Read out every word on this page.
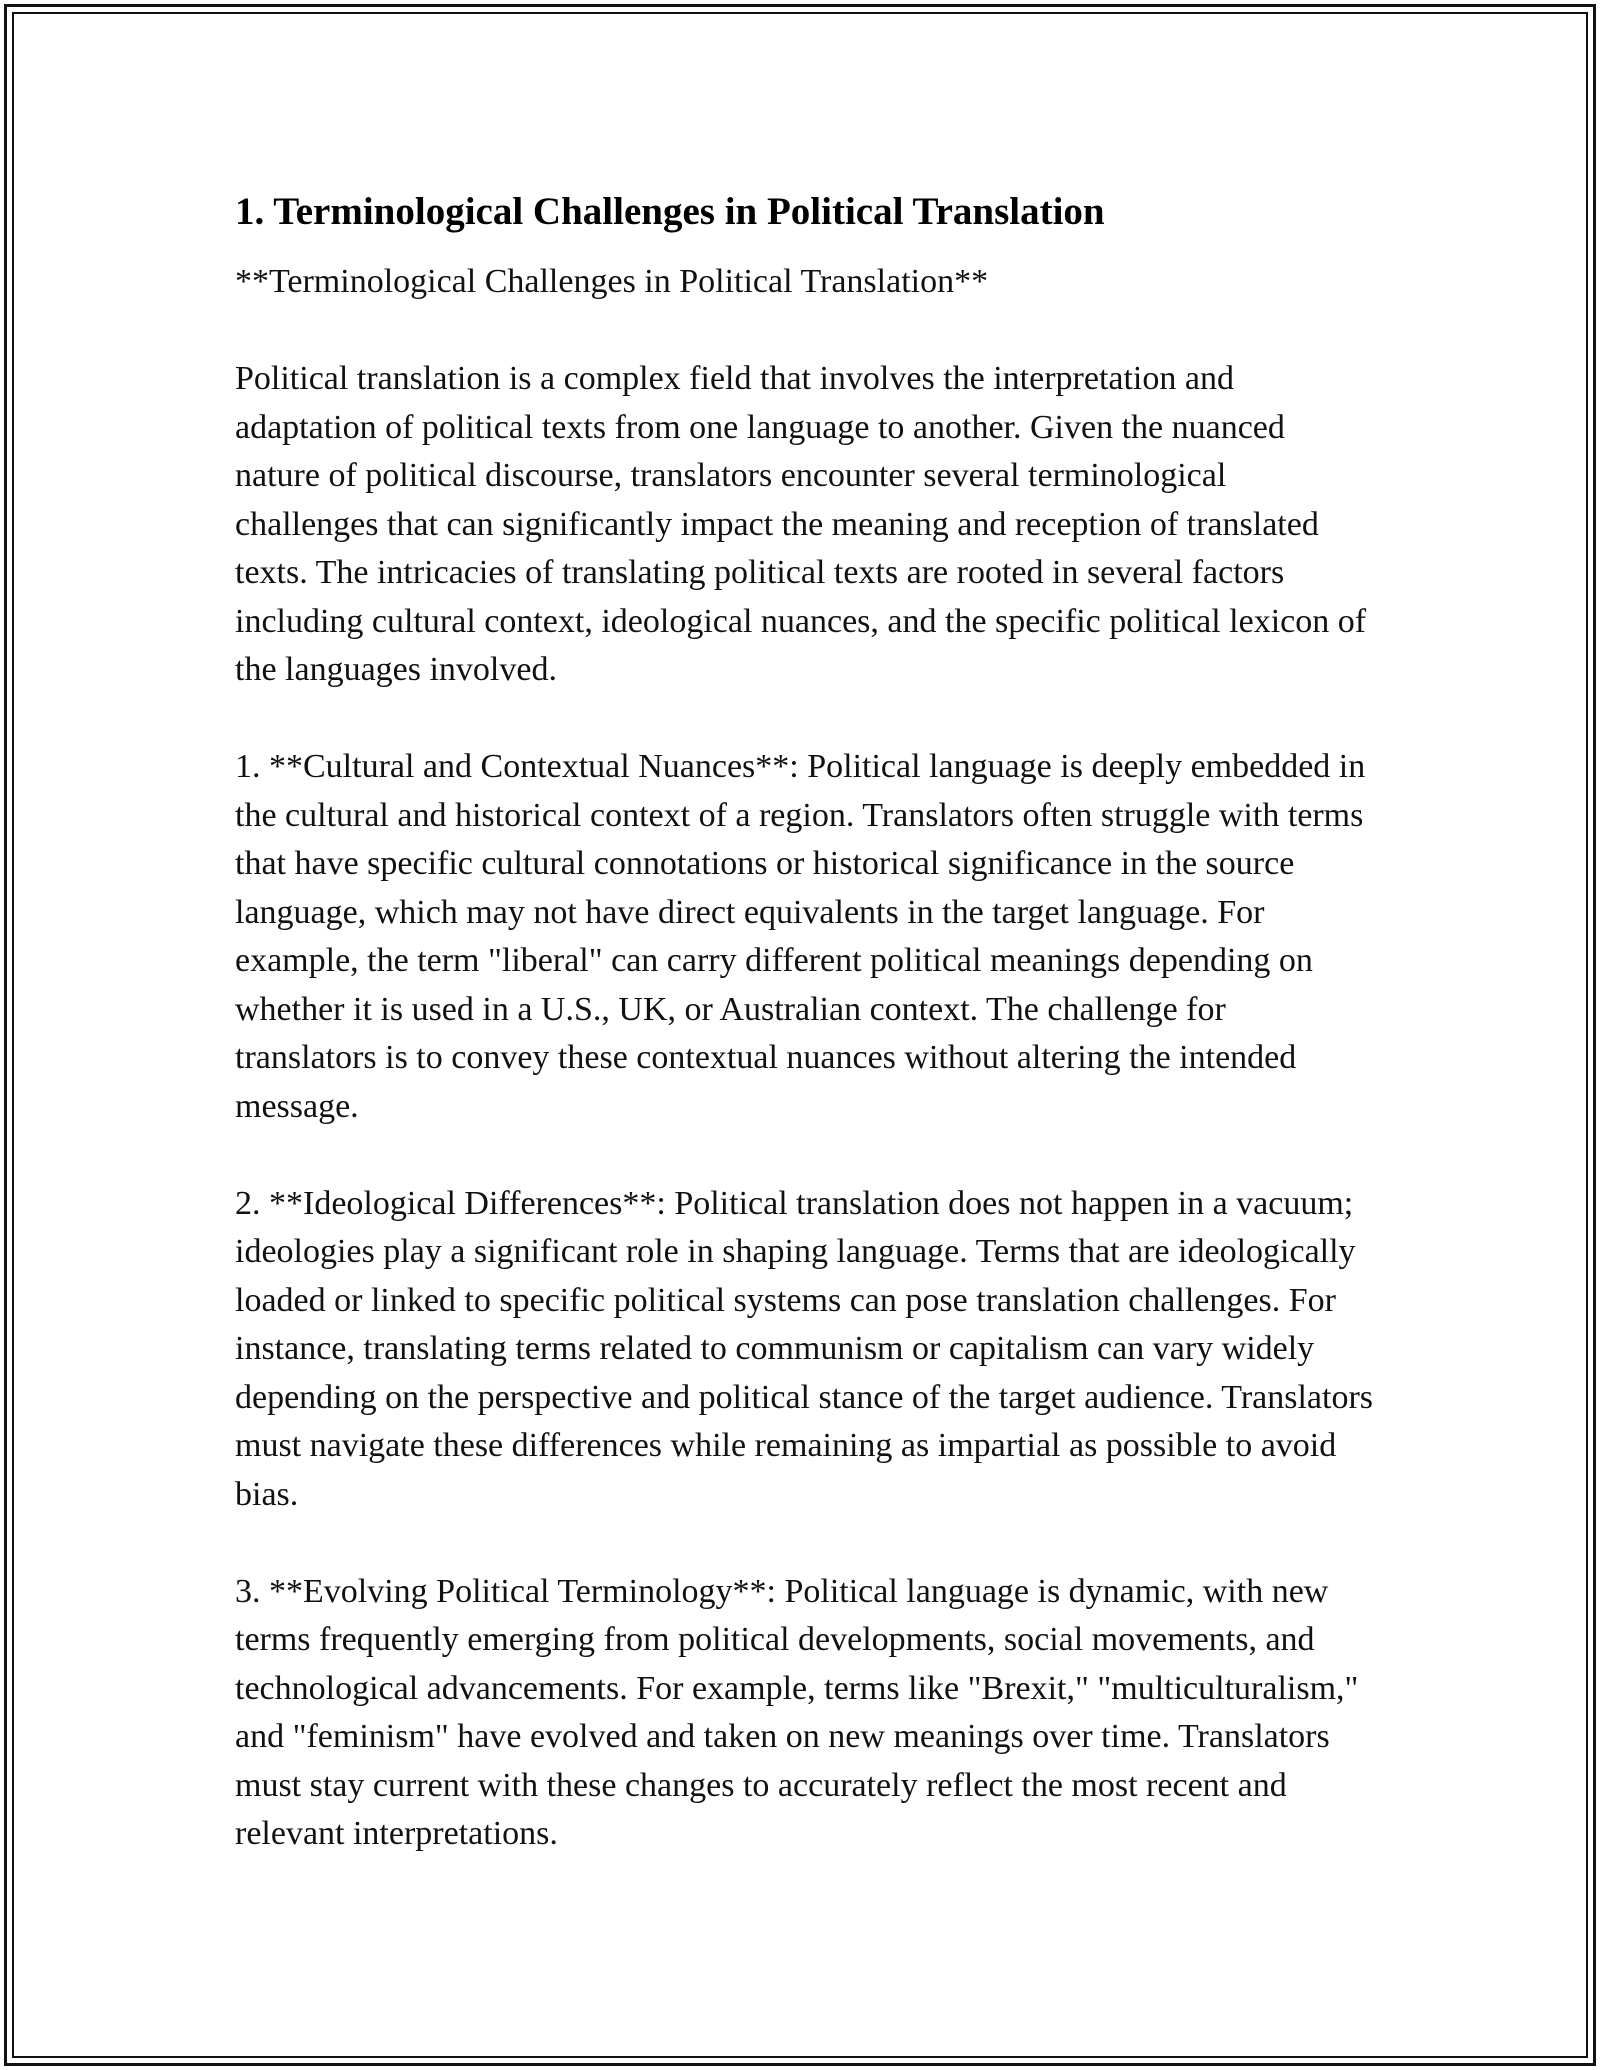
1. Terminological Challenges in Political Translation

**Terminological Challenges in Political Translation**

Political translation is a complex field that involves the interpretation and adaptation of political texts from one language to another. Given the nuanced nature of political discourse, translators encounter several terminological challenges that can significantly impact the meaning and reception of translated texts. The intricacies of translating political texts are rooted in several factors including cultural context, ideological nuances, and the specific political lexicon of the languages involved.

1. **Cultural and Contextual Nuances**: Political language is deeply embedded in the cultural and historical context of a region. Translators often struggle with terms that have specific cultural connotations or historical significance in the source language, which may not have direct equivalents in the target language. For example, the term "liberal" can carry different political meanings depending on whether it is used in a U.S., UK, or Australian context. The challenge for translators is to convey these contextual nuances without altering the intended message.

2. **Ideological Differences**: Political translation does not happen in a vacuum; ideologies play a significant role in shaping language. Terms that are ideologically loaded or linked to specific political systems can pose translation challenges. For instance, translating terms related to communism or capitalism can vary widely depending on the perspective and political stance of the target audience. Translators must navigate these differences while remaining as impartial as possible to avoid bias.

3. **Evolving Political Terminology**: Political language is dynamic, with new terms frequently emerging from political developments, social movements, and technological advancements. For example, terms like "Brexit," "multiculturalism," and "feminism" have evolved and taken on new meanings over time. Translators must stay current with these changes to accurately reflect the most recent and relevant interpretations.
